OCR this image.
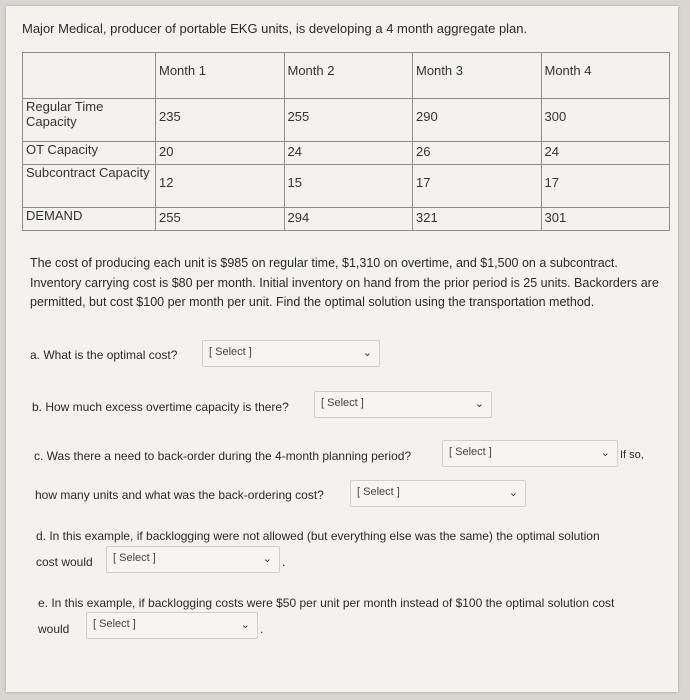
Major Medical, producer of portable EKG units, is developing a 4 month aggregate plan.

	Month 1	Month 2	Month 3	Month 4

Regular Time Capacity	235	255	290	300

OT Capacity	20	24	26	24

Subcontract Capacity	12	15	17	17

DEMAND	255	294	321	301
The cost of producing each unit is $985 on regular time, $1,310 on overtime, and $1,500 on a subcontract. Inventory carrying cost is $80 per month. Initial inventory on hand from the prior period is 25 units. Backorders are permitted, but cost $100 per month per unit. Find the optimal solution using the transportation method.
a. What is the optimal cost?	[ Select ]	⌄
b. How much excess overtime capacity is there?	[ Select ]	⌄
c. Was there a need to back-order during the 4-month planning period?	[ Select ]	⌄ If so,
how many units and what was the back-ordering cost?	[ Select ]	⌄
d. In this example, if backlogging were not allowed (but everything else was the same) the optimal solution
cost would [ Select ]	⌄ .
e. In this example, if backlogging costs were $50 per unit per month instead of $100 the optimal solution cost
would [ Select ]	⌄ .
